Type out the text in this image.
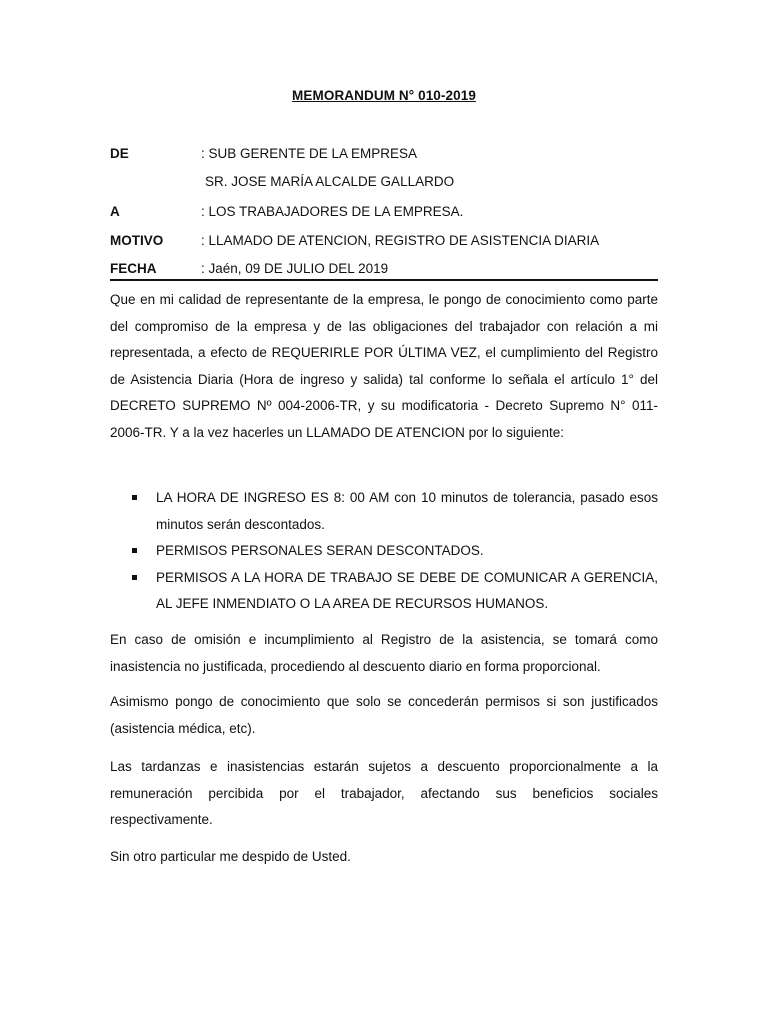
MEMORANDUM N° 010-2019
DE	: SUB GERENTE DE LA EMPRESA
SR. JOSE MARÍA ALCALDE GALLARDO
A	: LOS TRABAJADORES DE LA EMPRESA.
MOTIVO	: LLAMADO DE ATENCION, REGISTRO DE ASISTENCIA DIARIA
FECHA	: Jaén, 09 DE JULIO DEL 2019

Que en mi calidad de representante de la empresa, le pongo de conocimiento como parte del compromiso de la empresa y de las obligaciones del trabajador con relación a mi representada, a efecto de REQUERIRLE POR ÚLTIMA VEZ, el cumplimiento del Registro de Asistencia Diaria (Hora de ingreso y salida) tal conforme lo señala el artículo 1° del DECRETO SUPREMO Nº 004-2006-TR, y su modificatoria - Decreto Supremo N° 011-2006-TR. Y a la vez hacerles un LLAMADO DE ATENCION por lo siguiente:

LA HORA DE INGRESO ES 8: 00 AM con 10 minutos de tolerancia, pasado esos minutos serán descontados.
PERMISOS PERSONALES SERAN DESCONTADOS.
PERMISOS A LA HORA DE TRABAJO SE DEBE DE COMUNICAR A GERENCIA, AL JEFE INMENDIATO O LA AREA DE RECURSOS HUMANOS.

En caso de omisión e incumplimiento al Registro de la asistencia, se tomará como inasistencia no justificada, procediendo al descuento diario en forma proporcional.

Asimismo pongo de conocimiento que solo se concederán permisos si son justificados (asistencia médica, etc).

Las tardanzas e inasistencias estarán sujetos a descuento proporcionalmente a la remuneración percibida por el trabajador, afectando sus beneficios sociales respectivamente.

Sin otro particular me despido de Usted.
